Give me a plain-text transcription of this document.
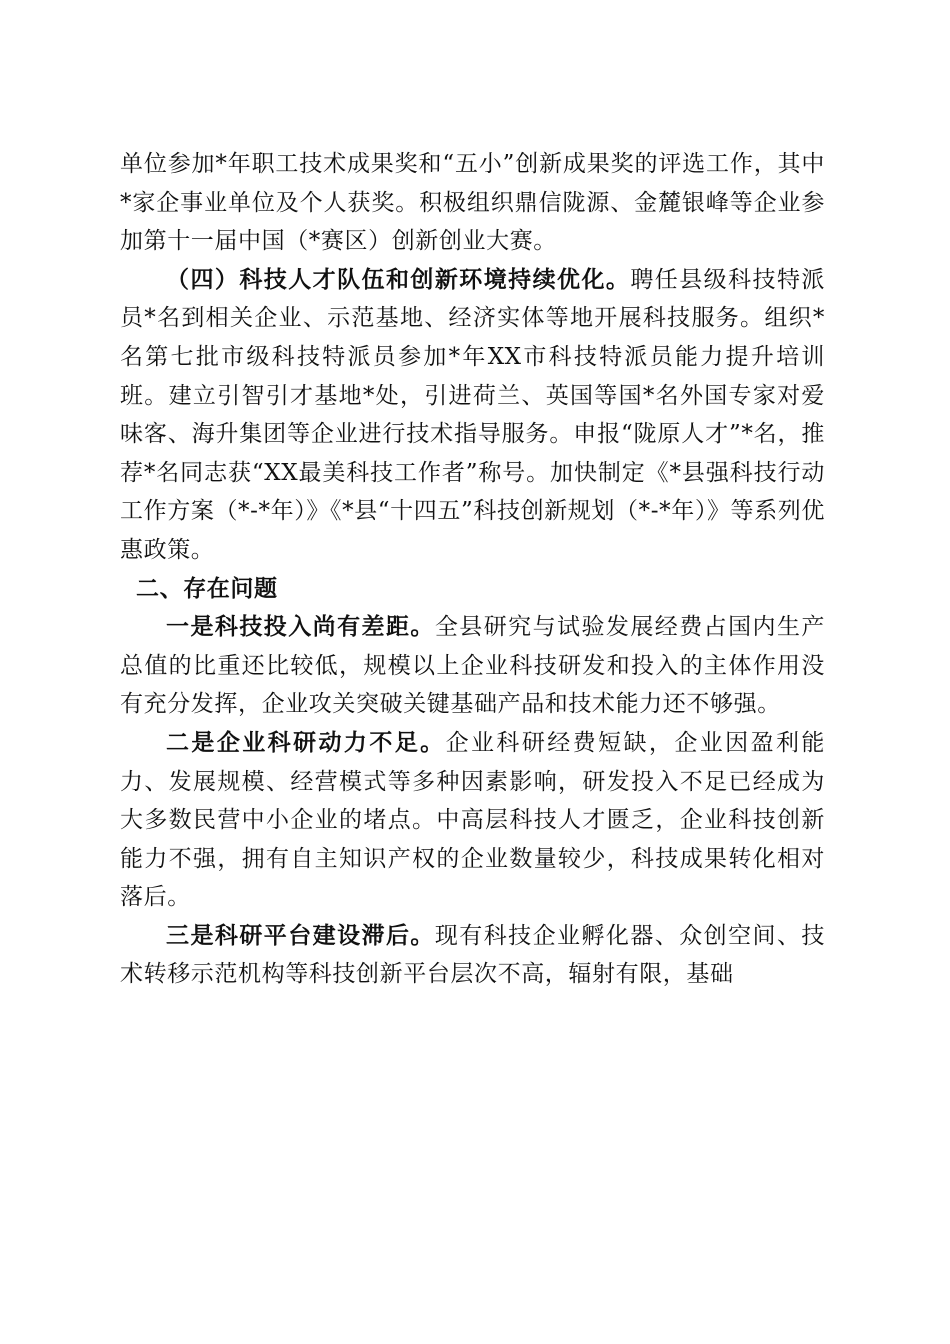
单位参加*年职工技术成果奖和“五小”创新成果奖的评选工作，其中*家企事业单位及个人获奖。积极组织鼎信陇源、金麓银峰等企业参加第十一届中国（*赛区）创新创业大赛。

（四）科技人才队伍和创新环境持续优化。聘任县级科技特派员*名到相关企业、示范基地、经济实体等地开展科技服务。组织*名第七批市级科技特派员参加*年XX市科技特派员能力提升培训班。建立引智引才基地*处，引进荷兰、英国等国*名外国专家对爱味客、海升集团等企业进行技术指导服务。申报“陇原人才”*名，推荐*名同志获“XX最美科技工作者”称号。加快制定《*县强科技行动工作方案（*-*年）》《*县“十四五”科技创新规划（*-*年）》等系列优惠政策。

二、存在问题

一是科技投入尚有差距。全县研究与试验发展经费占国内生产总值的比重还比较低，规模以上企业科技研发和投入的主体作用没有充分发挥，企业攻关突破关键基础产品和技术能力还不够强。

二是企业科研动力不足。企业科研经费短缺，企业因盈利能力、发展规模、经营模式等多种因素影响，研发投入不足已经成为大多数民营中小企业的堵点。中高层科技人才匮乏，企业科技创新能力不强，拥有自主知识产权的企业数量较少，科技成果转化相对落后。

三是科研平台建设滞后。现有科技企业孵化器、众创空间、技术转移示范机构等科技创新平台层次不高，辐射有限，基础
